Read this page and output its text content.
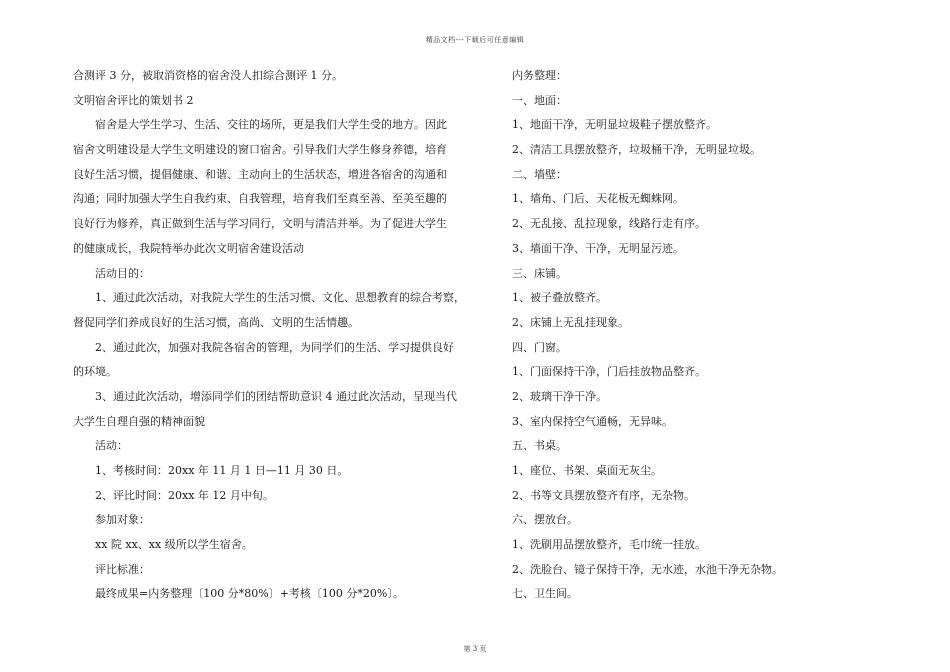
精品文档---下载后可任意编辑
合测评 3 分，被取消资格的宿舍没人扣综合测评 1 分。
文明宿舍评比的策划书 2
宿舍是大学生学习、生活、交往的场所，更是我们大学生受的地方。因此
宿舍文明建设是大学生文明建设的窗口宿舍。引导我们大学生修身养德，培育
良好生活习惯，提倡健康、和谐、主动向上的生活状态，增进各宿舍的沟通和
沟通；同时加强大学生自我约束、自我管理，培育我们至真至善、至美至趣的
良好行为修养，真正做到生活与学习同行，文明与清洁并举。为了促进大学生
的健康成长，我院特举办此次文明宿舍建设活动
活动目的：
1、通过此次活动，对我院大学生的生活习惯、文化、思想教育的综合考察，
督促同学们养成良好的生活习惯，高尚、文明的生活情趣。
2、通过此次，加强对我院各宿舍的管理，为同学们的生活、学习提供良好
的环境。
3、通过此次活动，增添同学们的团结帮助意识 4 通过此次活动，呈现当代
大学生自理自强的精神面貌
活动：
1、考核时间：20xx 年 11 月 1 日—11 月 30 日。
2、评比时间：20xx 年 12 月中旬。
参加对象：
xx 院 xx、xx 级所以学生宿舍。
评比标准：
最终成果=内务整理〔100 分*80%〕+考核〔100 分*20%〕。
内务整理：
一、地面：
1、地面干净，无明显垃圾鞋子摆放整齐。
2、清洁工具摆放整齐，垃圾桶干净，无明显垃圾。
二、墙壁：
1、墙角、门后、天花板无蜘蛛网。
2、无乱接、乱拉现象，线路行走有序。
3、墙面干净、干净，无明显污迹。
三、床铺。
1、被子叠放整齐。
2、床铺上无乱挂现象。
四、门窗。
1、门面保持干净，门后挂放物品整齐。
2、玻璃干净干净。
3、室内保持空气通畅，无异味。
五、书桌。
1、座位、书架、桌面无灰尘。
2、书等文具摆放整齐有序，无杂物。
六、摆放台。
1、洗刷用品摆放整齐，毛巾统一挂放。
2、洗脸台、镜子保持干净，无水迹，水池干净无杂物。
七、卫生间。
第 3 页
